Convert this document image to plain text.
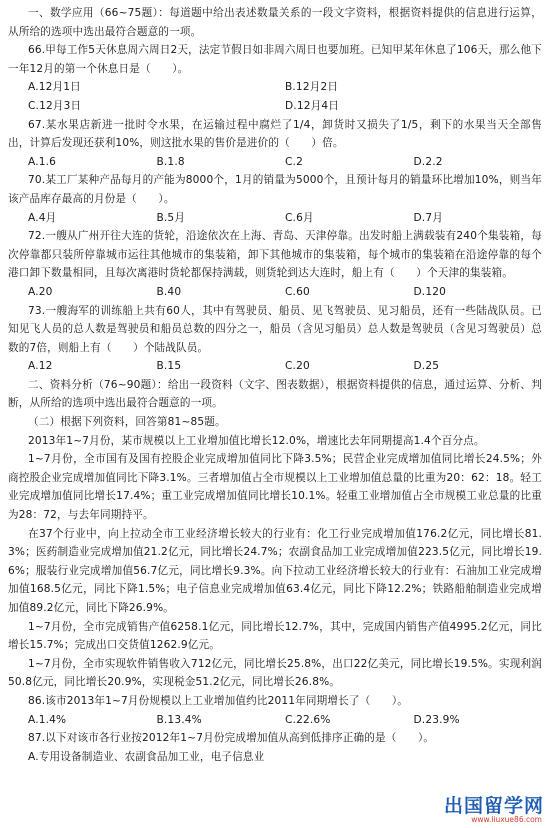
一、数学应用（66~75题）：每道题中给出表述数量关系的一段文字资料，根据资料提供的信息进行运算，从所给的选项中选出最符合题意的一项。

66.甲每工作5天休息周六周日2天，法定节假日如非周六周日也要加班。已知甲某年休息了106天，那么他下一年12月的第一个休息日是（　　）。

A.12月1日	B.12月2日
C.12月3日	D.12月4日

67.某水果店新进一批时令水果，在运输过程中腐烂了1/4，卸货时又损失了1/5，剩下的水果当天全部售出，计算后发现还获利10%，则这批水果的售价是进价的（　　）倍。

A.1.6	B.1.8	C.2	D.2.2

70.某工厂某种产品每月的产能为8000个，1月的销量为5000个，且预计每月的销量环比增加10%，则当年该产品库存最高的月份是（　　）。

A.4月	B.5月	C.6月	D.7月

72.一艘从广州开往大连的货轮，沿途依次在上海、青岛、天津停靠。出发时船上满载装有240个集装箱，每次停靠都只装所停靠城市运往其他城市的集装箱，卸下其他城市的集装箱，每个城市的集装箱在沿途停靠的每个港口卸下数量相同，且每次离港时货轮都保持满载，则货轮到达大连时，船上有（　　）个天津的集装箱。

A.20	B.40	C.60	D.120

73.一艘海军的训练船上共有60人，其中有驾驶员、船员、见飞驾驶员、见习船员，还有一些陆战队员。已知见飞人员的总人数是驾驶员和船员总数的四分之一，船员（含见习船员）总人数是驾驶员（含见习驾驶员）总数的7倍，则船上有（　　）个陆战队员。

A.12	B.15	C.20	D.25

二、资料分析（76~90题）：给出一段资料（文字、图表数据），根据资料提供的信息，通过运算、分析、判断，从所给的选项中选出最符合题意的一项。

（二）根据下列资料，回答第81~85题。

2013年1~7月份，某市规模以上工业增加值比增长12.0%，增速比去年同期提高1.4个百分点。

1~7月份，全市国有及国有控股企业完成增加值同比下降3.5%；民营企业完成增加值同比增长24.5%；外商控股企业完成增加值同比下降3.1%。三者增加值占全市规模以上工业增加值总量的比重为20：62：18。轻工业完成增加值同比增长17.4%；重工业完成增加值同比增长10.1%。轻重工业增加值占全市规模工业总量的比重为28：72，与去年同期持平。

在37个行业中，向上拉动全市工业经济增长较大的行业有：化工行业完成增加值176.2亿元，同比增长81.3%；医药制造业完成增加值21.2亿元，同比增长24.7%；农副食品加工业完成增加值223.5亿元，同比增长19.6%；服装行业完成增加值56.7亿元，同比增长9.3%。向下拉动工业经济增长较大的行业有：石油加工业完成增加值168.5亿元，同比下降1.5%；电子信息业完成增加值63.4亿元，同比下降12.2%；铁路船舶制造业完成增加值89.2亿元，同比下降26.9%。

1~7月份，全市完成销售产值6258.1亿元，同比增长12.7%，其中，完成国内销售产值4995.2亿元，同比增长15.7%；完成出口交货值1262.9亿元。

1~7月份，全市实现软件销售收入712亿元，同比增长25.8%，出口22亿美元，同比增长19.5%。实现利润50.8亿元，同比增长20.9%，实现税金51.2亿元，同比增长26.8%。

86.该市2013年1~7月份规模以上工业增加值约比2011年同期增长了（　　）。

A.1.4%	B.13.4%	C.22.6%	D.23.9%

87.以下对该市各行业按2012年1~7月份完成增加值从高到低排序正确的是（　　）。

A.专用设备制造业、农副食品加工业，电子信息业

出国留学网
www.liuxue86.com
